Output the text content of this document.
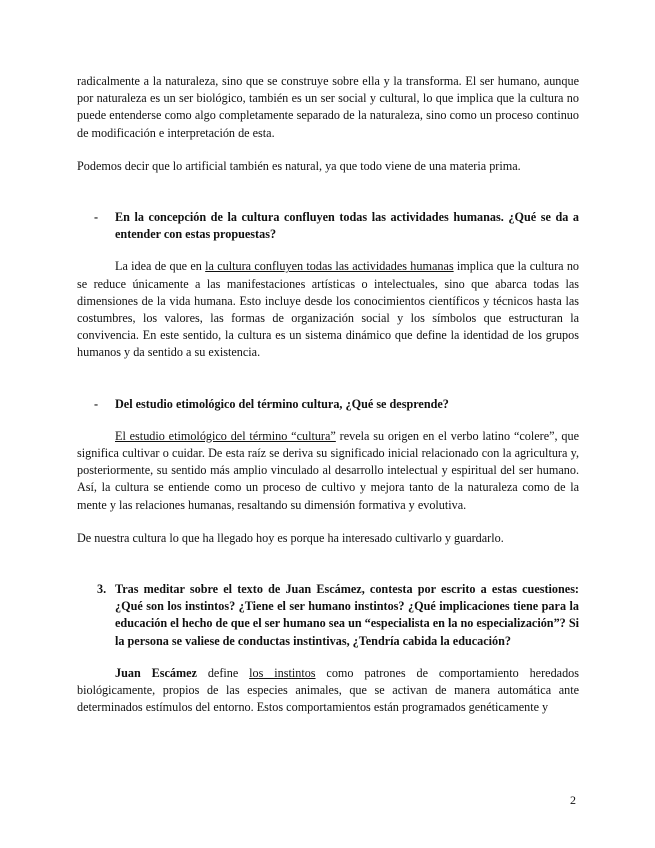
radicalmente a la naturaleza, sino que se construye sobre ella y la transforma. El ser humano, aunque por naturaleza es un ser biológico, también es un ser social y cultural, lo que implica que la cultura no puede entenderse como algo completamente separado de la naturaleza, sino como un proceso continuo de modificación e interpretación de esta.

Podemos decir que lo artificial también es natural, ya que todo viene de una materia prima.

- En la concepción de la cultura confluyen todas las actividades humanas. ¿Qué se da a entender con estas propuestas?

La idea de que en la cultura confluyen todas las actividades humanas implica que la cultura no se reduce únicamente a las manifestaciones artísticas o intelectuales, sino que abarca todas las dimensiones de la vida humana. Esto incluye desde los conocimientos científicos y técnicos hasta las costumbres, los valores, las formas de organización social y los símbolos que estructuran la convivencia. En este sentido, la cultura es un sistema dinámico que define la identidad de los grupos humanos y da sentido a su existencia.

- Del estudio etimológico del término cultura, ¿Qué se desprende?

El estudio etimológico del término “cultura” revela su origen en el verbo latino “colere”, que significa cultivar o cuidar. De esta raíz se deriva su significado inicial relacionado con la agricultura y, posteriormente, su sentido más amplio vinculado al desarrollo intelectual y espiritual del ser humano. Así, la cultura se entiende como un proceso de cultivo y mejora tanto de la naturaleza como de la mente y las relaciones humanas, resaltando su dimensión formativa y evolutiva.

De nuestra cultura lo que ha llegado hoy es porque ha interesado cultivarlo y guardarlo.

3. Tras meditar sobre el texto de Juan Escámez, contesta por escrito a estas cuestiones: ¿Qué son los instintos? ¿Tiene el ser humano instintos? ¿Qué implicaciones tiene para la educación el hecho de que el ser humano sea un “especialista en la no especialización”? Si la persona se valiese de conductas instintivas, ¿Tendría cabida la educación?

Juan Escámez define los instintos como patrones de comportamiento heredados biológicamente, propios de las especies animales, que se activan de manera automática ante determinados estímulos del entorno. Estos comportamientos están programados genéticamente y

2
